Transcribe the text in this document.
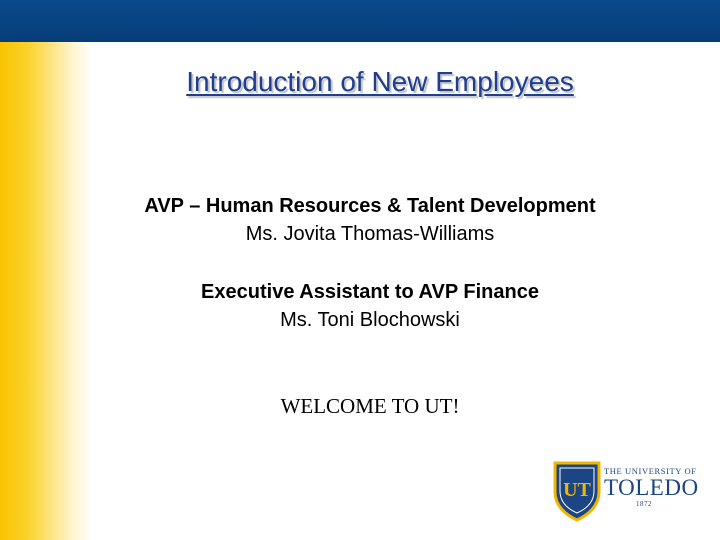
Introduction of New Employees
AVP – Human Resources & Talent Development
Ms. Jovita Thomas-Williams
Executive Assistant to AVP Finance
Ms. Toni Blochowski
WELCOME TO UT!
UT
THE UNIVERSITY OF
TOLEDO
1872
